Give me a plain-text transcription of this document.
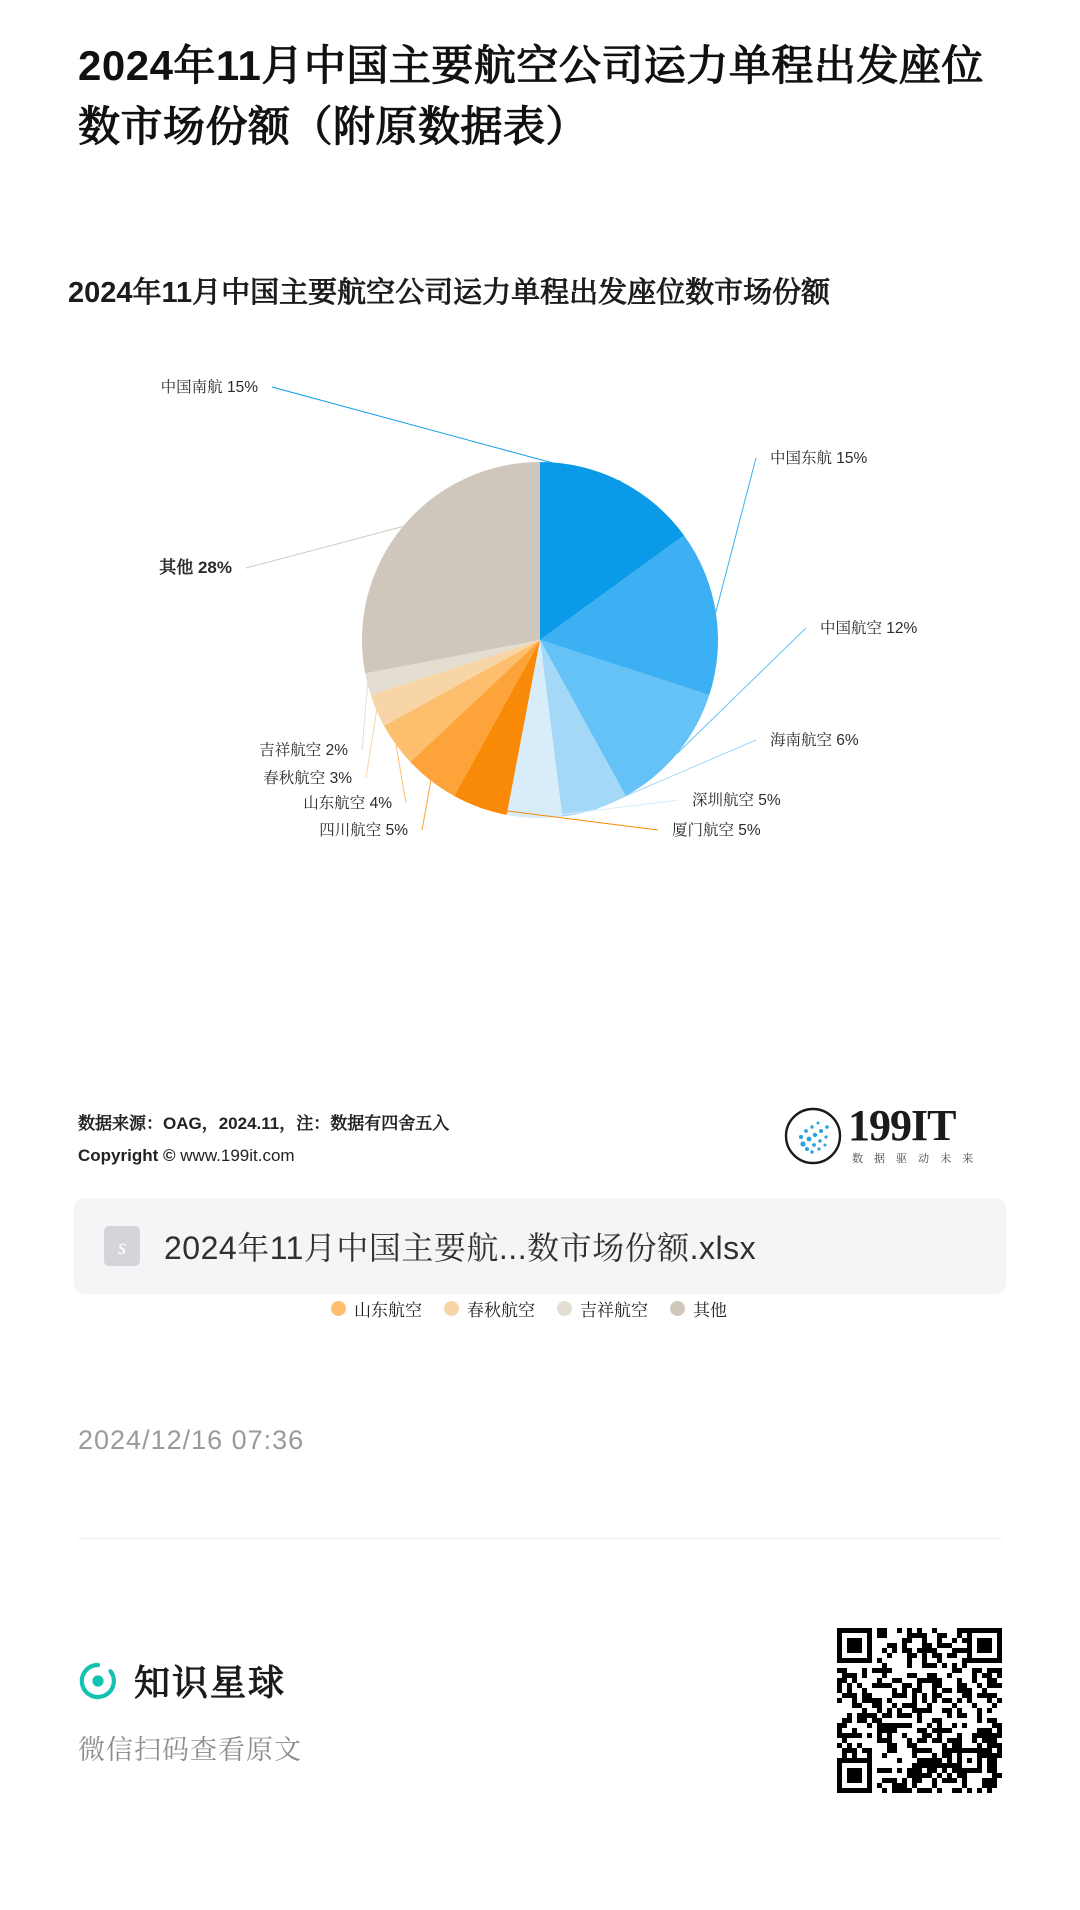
2024年11月中国主要航空公司运力单程出发座位数市场份额（附原数据表）
2024年11月中国主要航空公司运力单程出发座位数市场份额
中国南航 15%
中国东航 15%
中国航空 12%
海南航空 6%
深圳航空 5%
厦门航空 5%
四川航空 5%
山东航空 4%
春秋航空 3%
吉祥航空 2%
其他 28%
山东航空	春秋航空	吉祥航空	其他
数据来源：OAG，2024.11，注：数据有四舍五入
Copyright © www.199it.com
199IT
数 据 驱 动 未 来
s 2024年11月中国主要航...数市场份额.xlsx
2024/12/16 07:36
知识星球
微信扫码查看原文
